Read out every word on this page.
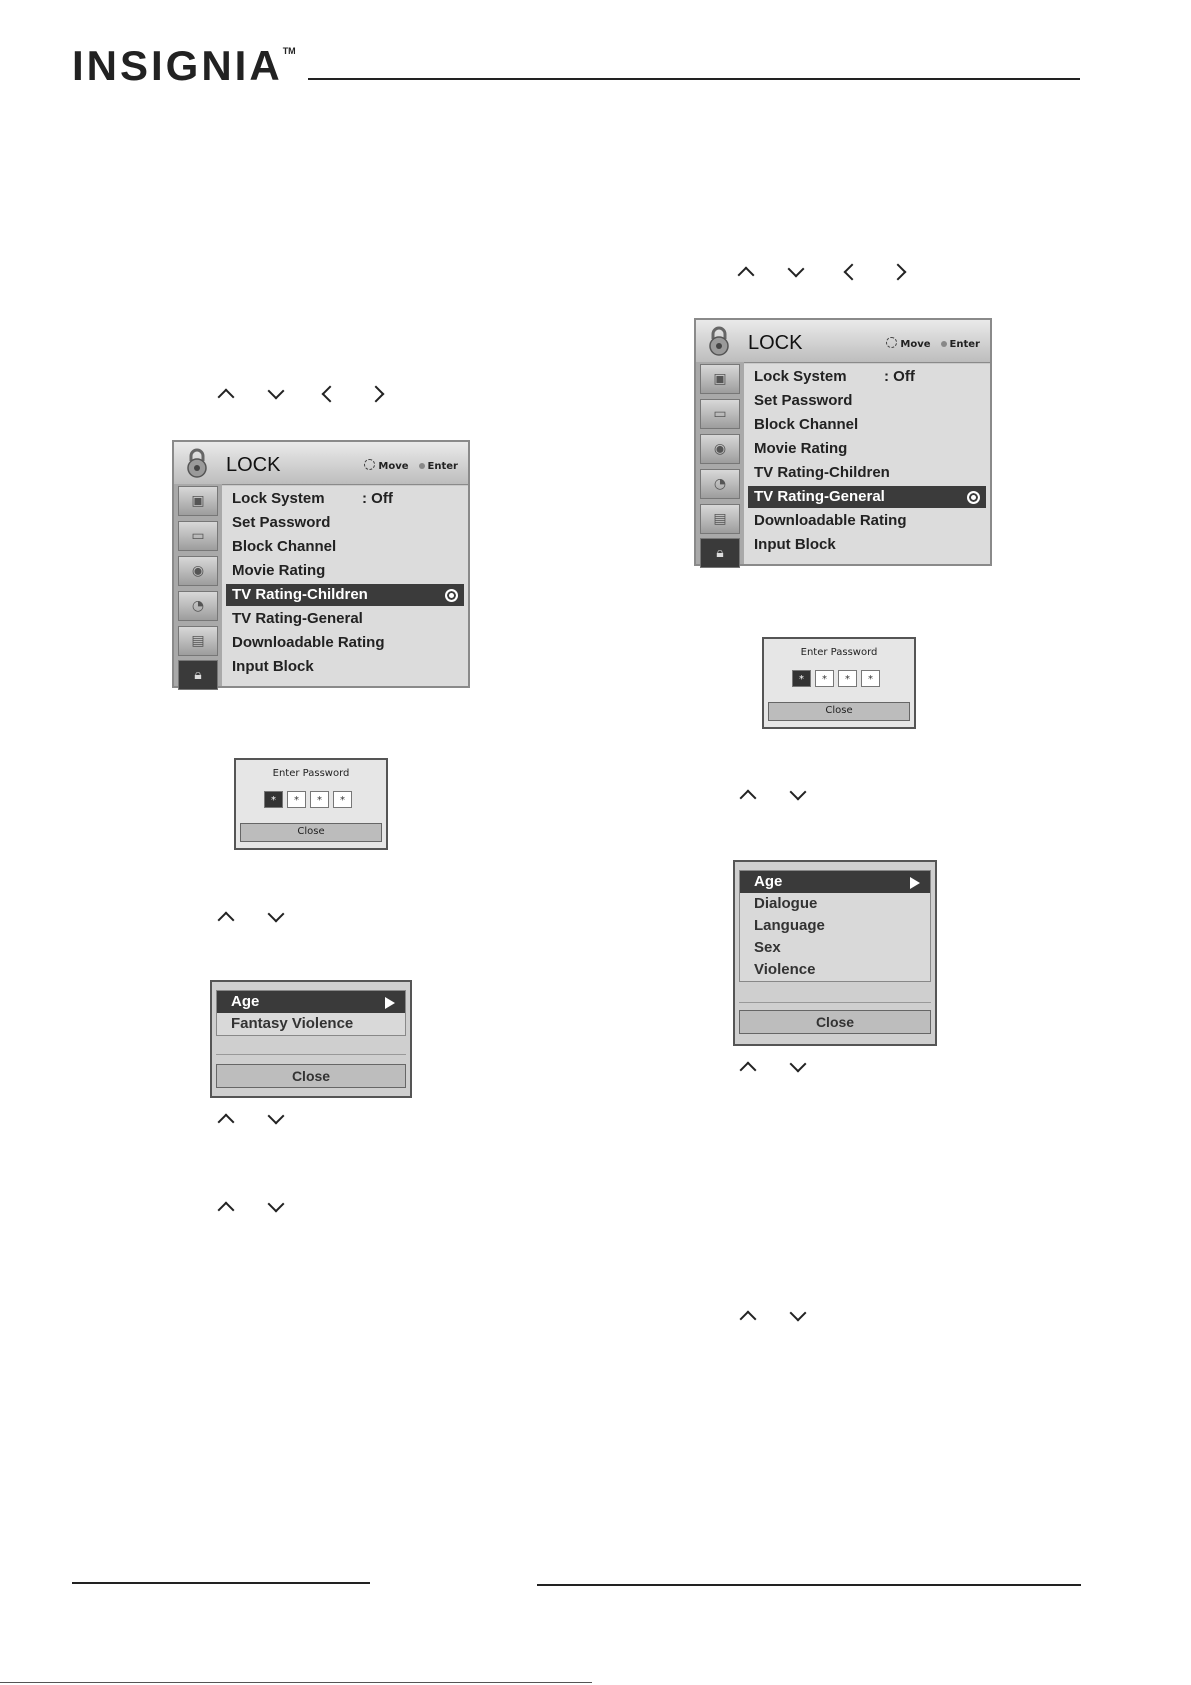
INSIGNIA™
LOCK	Move Enter
▣
▭
◉
◔
▤
🔒︎
Lock System : Off
Set Password
Block Channel
Movie Rating
TV Rating-Children
TV Rating-General
Downloadable Rating
Input Block
Enter Password
* * * *
Close
Age
Fantasy Violence
Close
LOCK	Move Enter
▣
▭
◉
◔
▤
🔒︎
Lock System : Off
Set Password
Block Channel
Movie Rating
TV Rating-Children
TV Rating-General
Downloadable Rating
Input Block
Enter Password
* * * *
Close
Age
Dialogue
Language
Sex
Violence
Close
